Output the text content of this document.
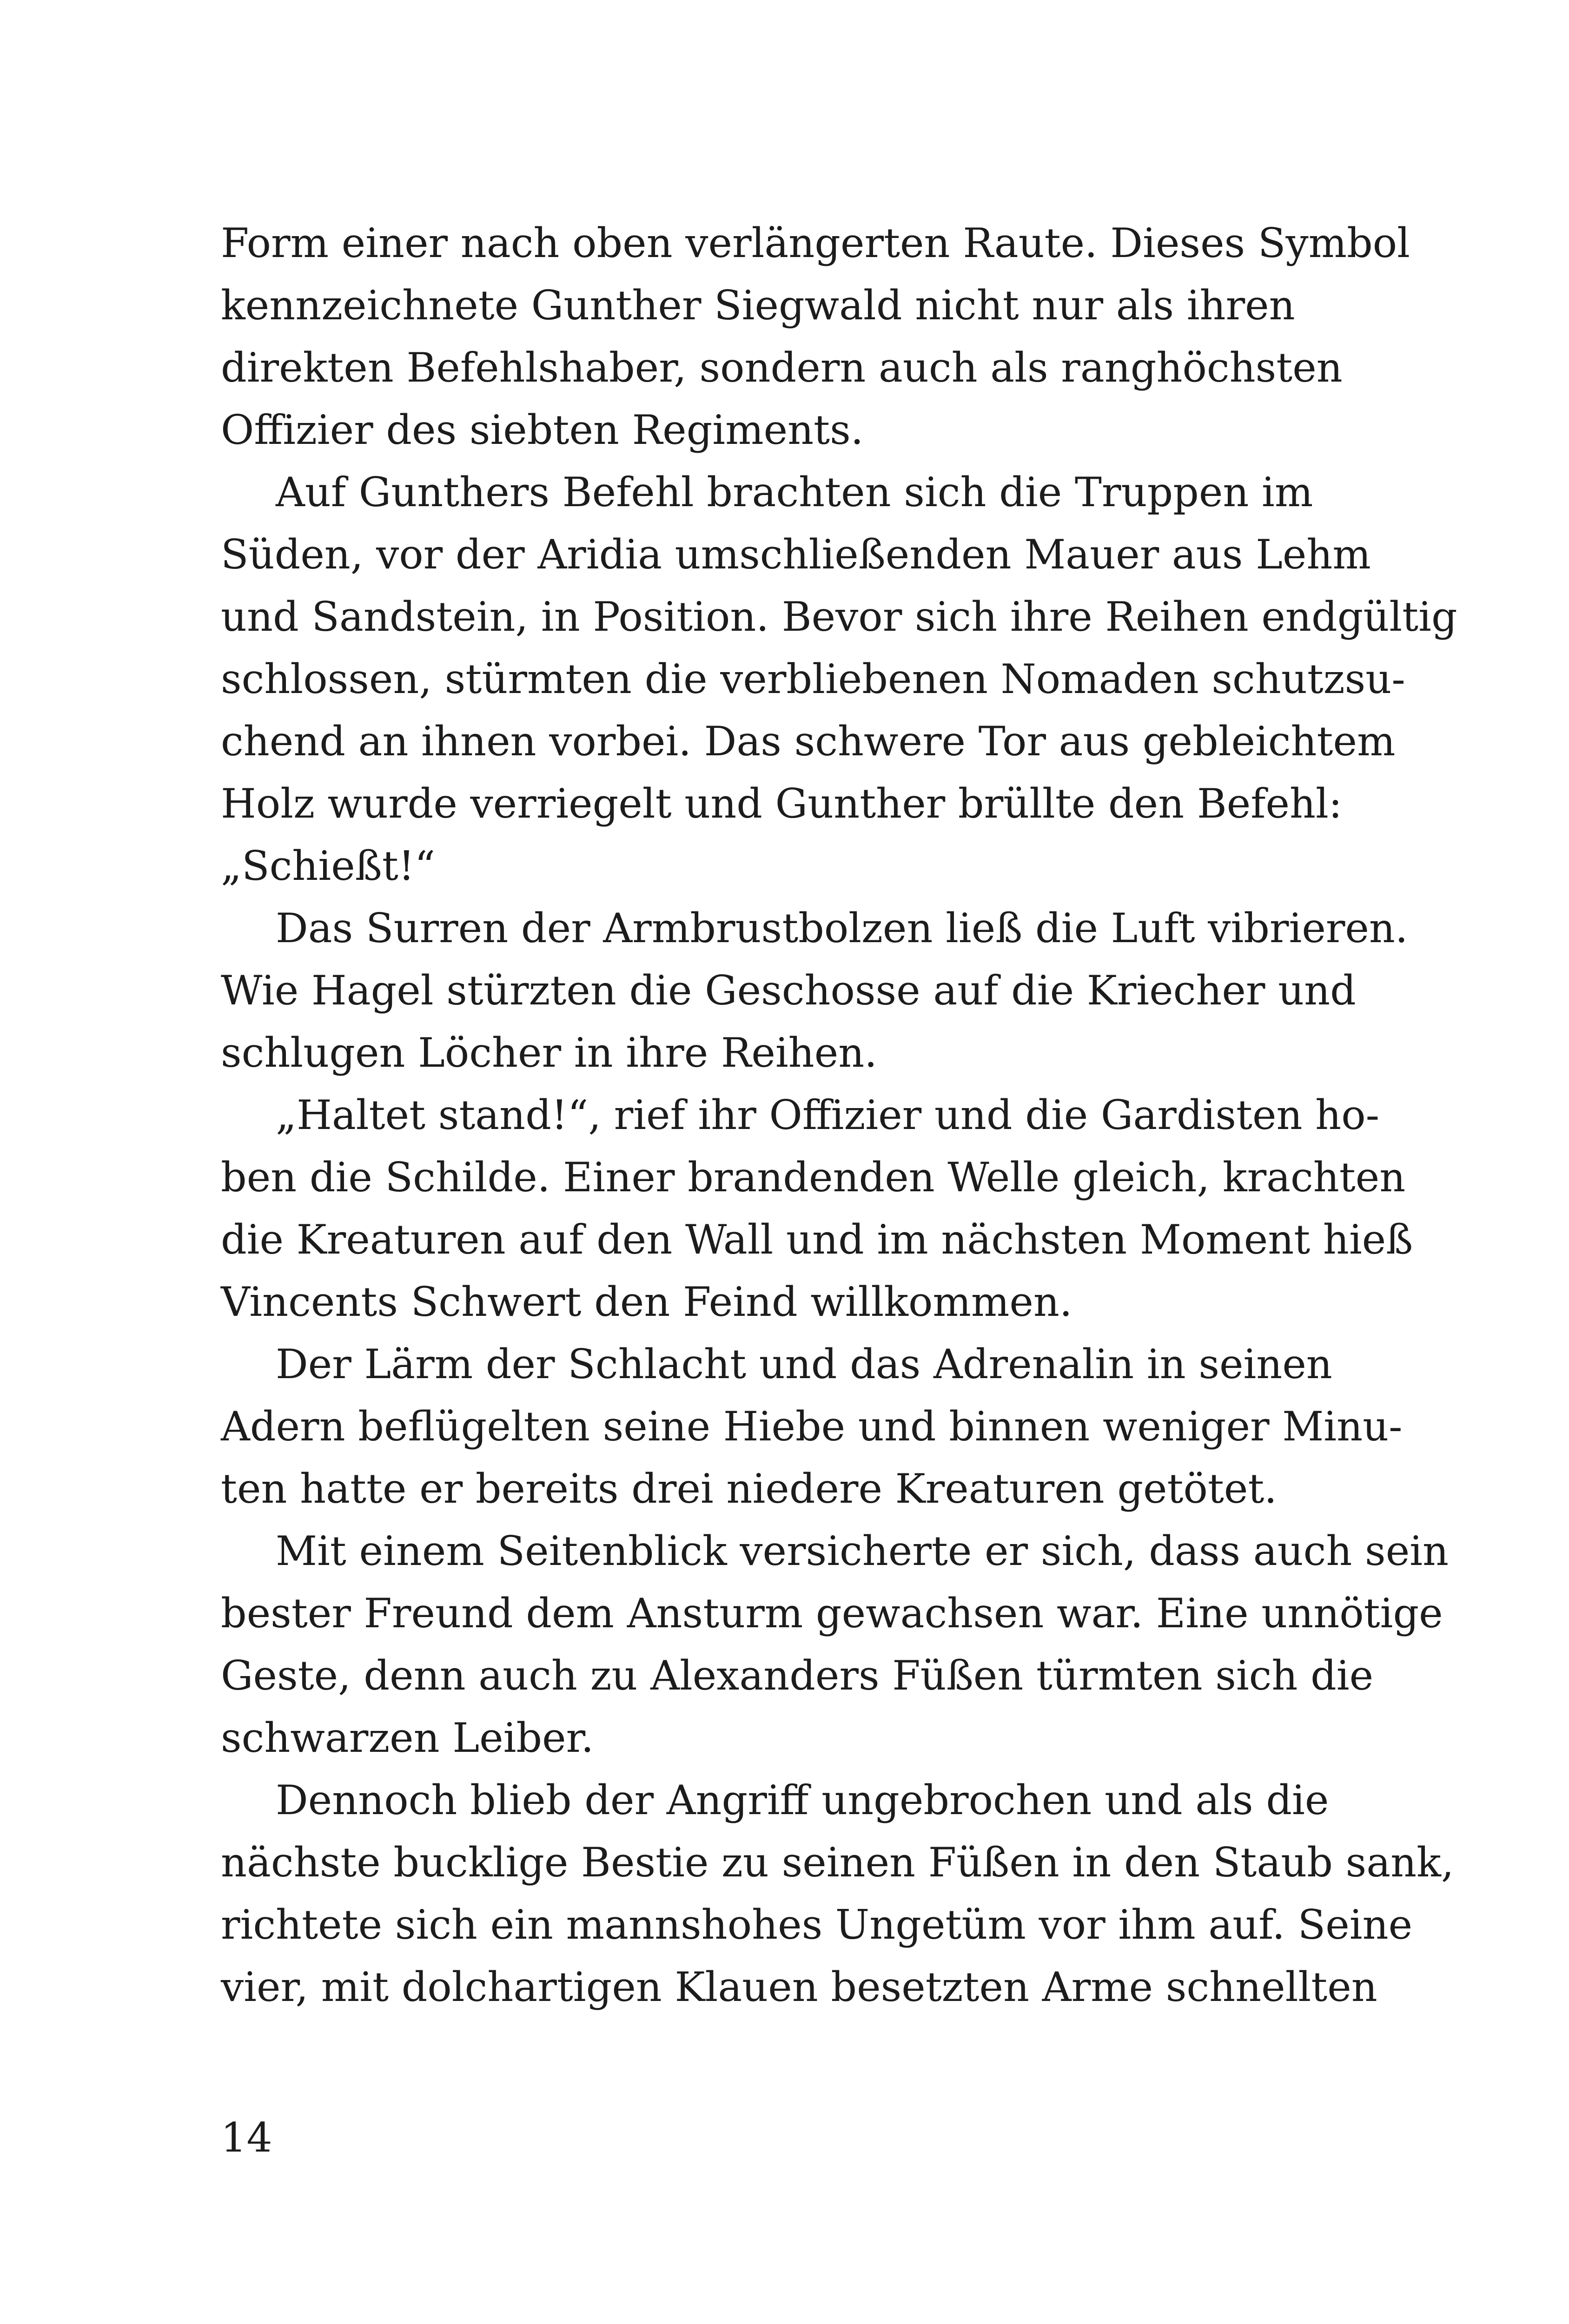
Form einer nach oben verlängerten Raute. Dieses Symbol
kennzeichnete Gunther Siegwald nicht nur als ihren
direkten Befehlshaber, sondern auch als ranghöchsten
Offizier des siebten Regiments.
Auf Gunthers Befehl brachten sich die Truppen im
Süden, vor der Aridia umschließenden Mauer aus Lehm
und Sandstein, in Position. Bevor sich ihre Reihen endgültig
schlossen, stürmten die verbliebenen Nomaden schutzsu-
chend an ihnen vorbei. Das schwere Tor aus gebleichtem
Holz wurde verriegelt und Gunther brüllte den Befehl:
„Schießt!“
Das Surren der Armbrustbolzen ließ die Luft vibrieren.
Wie Hagel stürzten die Geschosse auf die Kriecher und
schlugen Löcher in ihre Reihen.
„Haltet stand!“, rief ihr Offizier und die Gardisten ho-
ben die Schilde. Einer brandenden Welle gleich, krachten
die Kreaturen auf den Wall und im nächsten Moment hieß
Vincents Schwert den Feind willkommen.
Der Lärm der Schlacht und das Adrenalin in seinen
Adern beflügelten seine Hiebe und binnen weniger Minu-
ten hatte er bereits drei niedere Kreaturen getötet.
Mit einem Seitenblick versicherte er sich, dass auch sein
bester Freund dem Ansturm gewachsen war. Eine unnötige
Geste, denn auch zu Alexanders Füßen türmten sich die
schwarzen Leiber.
Dennoch blieb der Angriff ungebrochen und als die
nächste bucklige Bestie zu seinen Füßen in den Staub sank,
richtete sich ein mannshohes Ungetüm vor ihm auf. Seine
vier, mit dolchartigen Klauen besetzten Arme schnellten
14
